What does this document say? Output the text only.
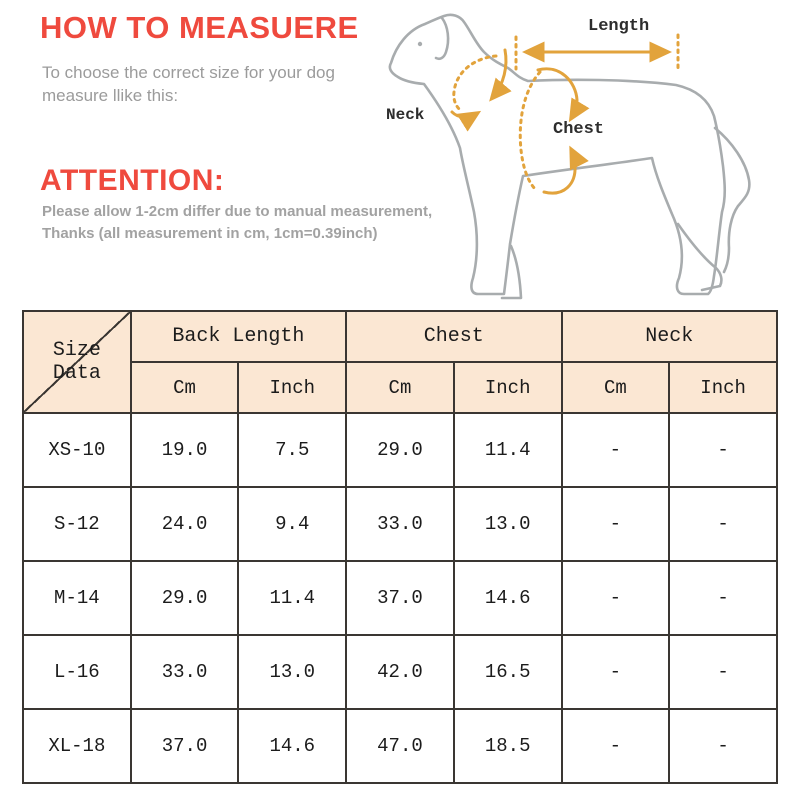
HOW TO MEASUERE
To choose the correct size for your dog
measure llike this:
ATTENTION:
Please allow 1-2cm differ due to manual measurement,
Thanks (all measurement in cm, 1cm=0.39inch)
Length
Neck
Chest
Size Data	Back Length		Chest		Neck	
	Cm	Inch	Cm	Inch	Cm	Inch
XS-10	19.0	7.5	29.0	11.4	-	-
S-12	24.0	9.4	33.0	13.0	-	-
M-14	29.0	11.4	37.0	14.6	-	-
L-16	33.0	13.0	42.0	16.5	-	-
XL-18	37.0	14.6	47.0	18.5	-	-
